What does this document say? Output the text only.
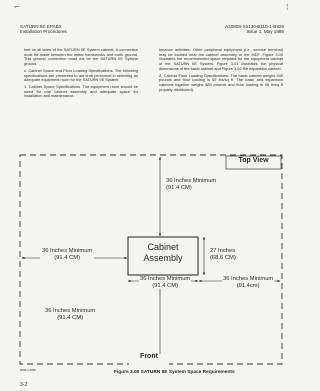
⌐	¦
SATURN IIE EPABX
Installation Procedures
A30808-X5130-B110-1-B929
Issue 1, May 1986

feet on all sides of the SATURN IIE System cabinet. A connection must be made between the metal frameworks and earth ground. This ground connection must not be the SATURN IIE System ground.

c. Cabinet Space and Floor Loading Specifications. The following specifications are presented to aid craft personnel in selecting an adequate equipment room for the SATURN IIE System.

1. Cabinet Space Specifications. The equipment room should be sized for one cabinet assembly and adequate space for installation and maintenance.

tenance activities. Other peripheral equipment (i.e., service terminal) may be located near the cabinet assembly or the MDF. Figure 3.00 illustrates the recommended space required for the equipment cabinet of the SATURN IIE System. Figure 3.01 illustrates the physical dimensions of the basic cabinet and Figure 3.02 the expansion cabinet.

2. Cabinet Floor Loading Specifications. The basic cabinet weighs 440 pounds and floor loading is 69 lbs/sq ft. The basic and expansion cabinets together weighs 880 pounds and floor loading is 96 lb/sq ft (equally distributed).

Top View
36 Inches Minimum
(91.4 CM)
36 Inches Minimum
(91.4 CM)
Cabinet
Assembly
27 Inches
(68.6 CM)
36 Inches Minimum
(91.4 CM)
36 Inches Minimum
(91.4cm)
36 Inches Minimum
(91.4 CM)
Front
0000-1-0596	Figure 3.00 SATURN IIE System Space Requirements
3-2
